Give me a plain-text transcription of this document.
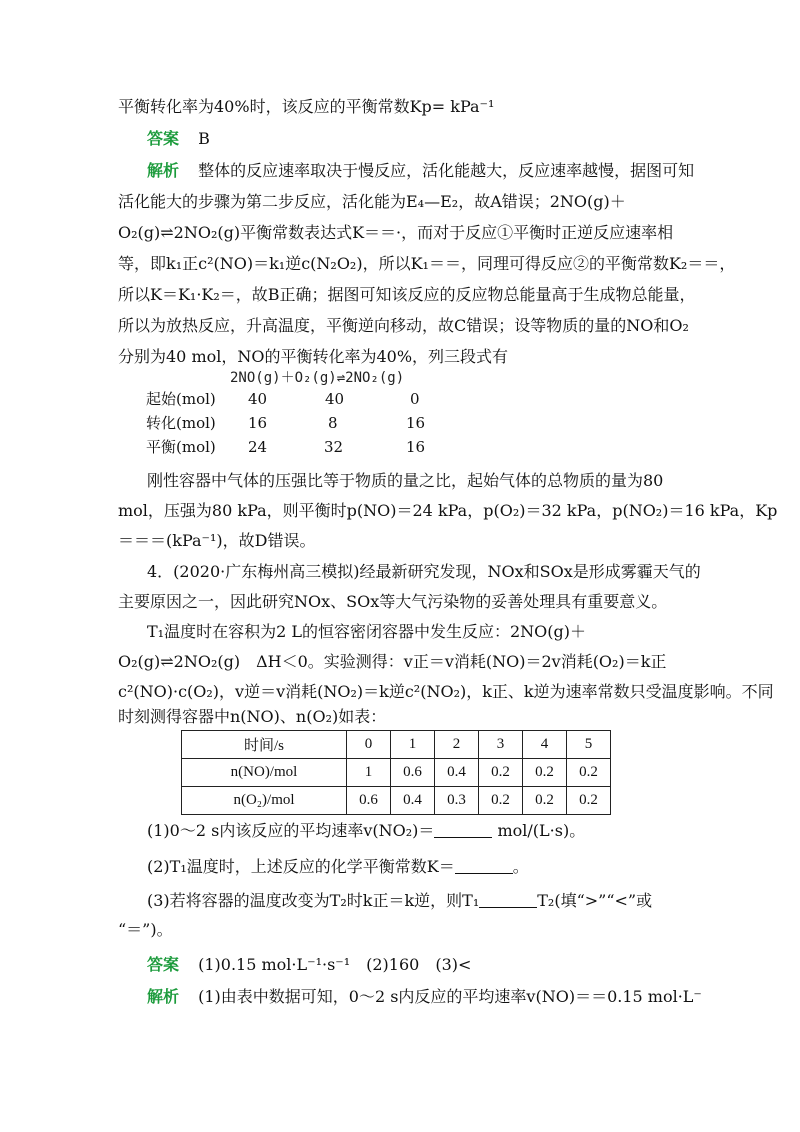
平衡转化率为40%时，该反应的平衡常数Kp= kPa⁻¹
答案 B
解析 整体的反应速率取决于慢反应，活化能越大，反应速率越慢，据图可知
活化能大的步骤为第二步反应，活化能为E₄—E₂，故A错误；2NO(g)＋
O₂(g)⇌2NO₂(g)平衡常数表达式K＝＝·，而对于反应①平衡时正逆反应速率相
等，即k₁正c²(NO)＝k₁逆c(N₂O₂)，所以K₁＝＝，同理可得反应②的平衡常数K₂＝＝，
所以K＝K₁·K₂＝，故B正确；据图可知该反应的反应物总能量高于生成物总能量，
所以为放热反应，升高温度，平衡逆向移动，故C错误；设等物质的量的NO和O₂
分别为40 mol，NO的平衡转化率为40%，列三段式有
2NO(g)＋O₂(g)⇌2NO₂(g)
起始(mol) 40	40	0
转化(mol) 16	8	16
平衡(mol) 24	32	16
刚性容器中气体的压强比等于物质的量之比，起始气体的总物质的量为80
mol，压强为80 kPa，则平衡时p(NO)＝24 kPa，p(O₂)＝32 kPa，p(NO₂)＝16 kPa，Kp
＝＝＝(kPa⁻¹)，故D错误。
4．(2020·广东梅州高三模拟)经最新研究发现，NOx和SOx是形成雾霾天气的
主要原因之一，因此研究NOx、SOx等大气污染物的妥善处理具有重要意义。
T₁温度时在容积为2 L的恒容密闭容器中发生反应：2NO(g)＋
O₂(g)⇌2NO₂(g)　ΔH＜0。实验测得：v正＝v消耗(NO)＝2v消耗(O₂)＝k正
c²(NO)·c(O₂)，v逆＝v消耗(NO₂)＝k逆c²(NO₂)，k正、k逆为速率常数只受温度影响。不同
时刻测得容器中n(NO)、n(O₂)如表：
时间/s	0	1	2	3	4	5
n(NO)/mol	1	0.6	0.4	0.2	0.2	0.2
n(O₂)/mol	0.6	0.4	0.3	0.2	0.2	0.2
(1)0～2 s内该反应的平均速率v(NO₂)＝	mol/(L·s)。
(2)T₁温度时，上述反应的化学平衡常数K＝	。
(3)若将容器的温度改变为T₂时k正＝k逆，则T₁	T₂(填“>”“<”或
“＝”)。
答案 (1)0.15 mol·L⁻¹·s⁻¹　(2)160　(3)<
解析 (1)由表中数据可知，0～2 s内反应的平均速率v(NO)＝＝0.15 mol·L⁻
